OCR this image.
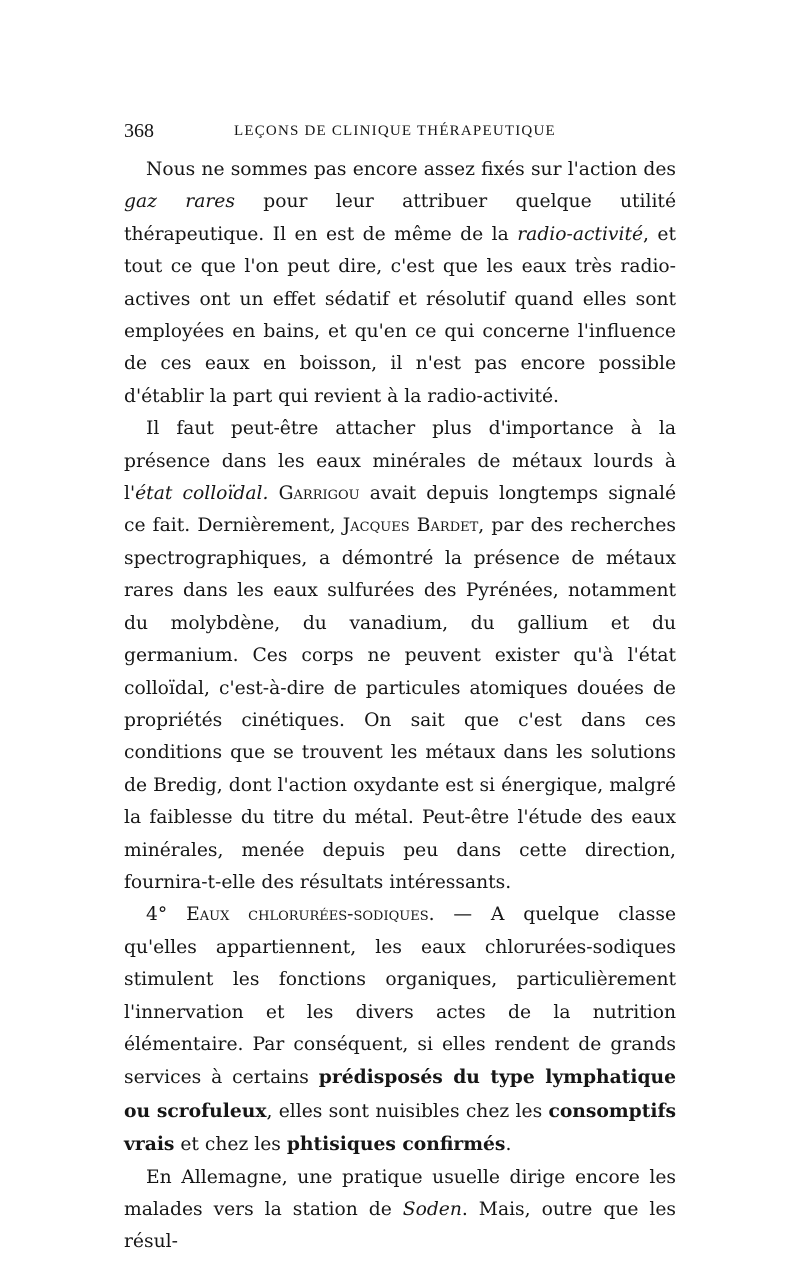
368	LEÇONS DE CLINIQUE THÉRAPEUTIQUE

Nous ne sommes pas encore assez fixés sur l'action des gaz rares pour leur attribuer quelque utilité thérapeutique. Il en est de même de la radio-activité, et tout ce que l'on peut dire, c'est que les eaux très radio-actives ont un effet sédatif et résolutif quand elles sont employées en bains, et qu'en ce qui concerne l'influence de ces eaux en boisson, il n'est pas encore possible d'établir la part qui revient à la radio-activité.

Il faut peut-être attacher plus d'importance à la présence dans les eaux minérales de métaux lourds à l'état colloïdal. Garrigou avait depuis longtemps signalé ce fait. Dernièrement, Jacques Bardet, par des recherches spectrographiques, a démontré la présence de métaux rares dans les eaux sulfurées des Pyrénées, notamment du molybdène, du vanadium, du gallium et du germanium. Ces corps ne peuvent exister qu'à l'état colloïdal, c'est-à-dire de particules atomiques douées de propriétés cinétiques. On sait que c'est dans ces conditions que se trouvent les métaux dans les solutions de Bredig, dont l'action oxydante est si énergique, malgré la faiblesse du titre du métal. Peut-être l'étude des eaux minérales, menée depuis peu dans cette direction, fournira-t-elle des résultats intéressants.

4° Eaux chlorurées-sodiques. — A quelque classe qu'elles appartiennent, les eaux chlorurées-sodiques stimulent les fonctions organiques, particulièrement l'innervation et les divers actes de la nutrition élémentaire. Par conséquent, si elles rendent de grands services à certains prédisposés du type lymphatique ou scrofuleux, elles sont nuisibles chez les consomptifs vrais et chez les phtisiques confirmés.

En Allemagne, une pratique usuelle dirige encore les malades vers la station de Soden. Mais, outre que les résul-
